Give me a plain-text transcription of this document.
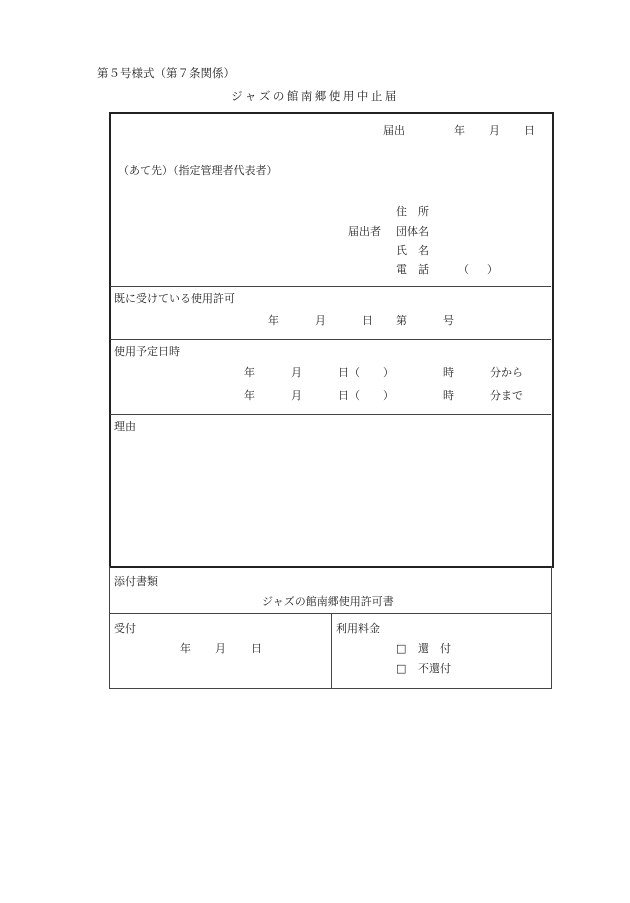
第５号様式（第７条関係）
ジャズの館南郷使用中止届
届出	年 月 日
（あて先）（指定管理者代表者）
住　所
届出者 団体名
氏　名
電　話	（ ）
既に受けている使用許可
年	月	日 第	号
使用予定日時
年	月	日（ ）	時	分から
年	月	日（ ）	時	分まで
理由
添付書類
ジャズの館南郷使用許可書
受付
年 月 日
利用料金
□ 還　付
□ 不還付
